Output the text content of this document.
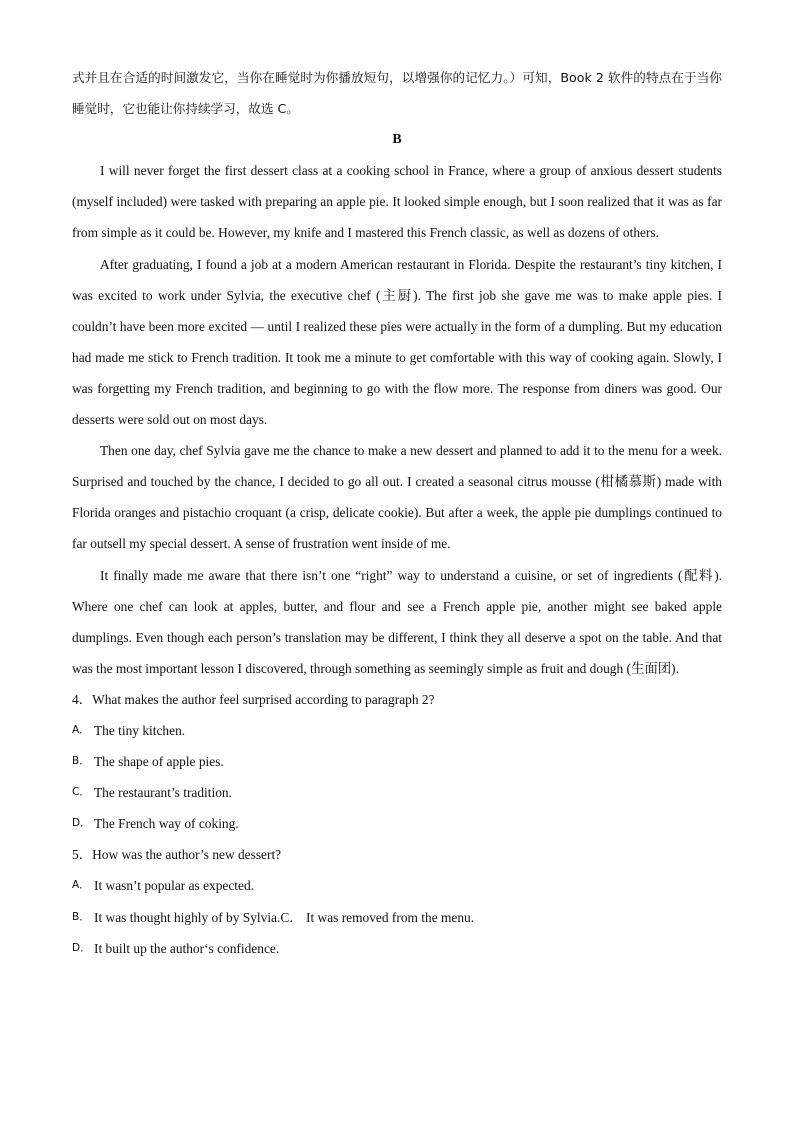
式并且在合适的时间激发它，当你在睡觉时为你播放短句，以增强你的记忆力。）可知，Book 2 软件的特点在于当你睡觉时，它也能让你持续学习，故选 C。

B

I will never forget the first dessert class at a cooking school in France, where a group of anxious dessert students (myself included) were tasked with preparing an apple pie. It looked simple enough, but I soon realized that it was as far from simple as it could be. However, my knife and I mastered this French classic, as well as dozens of others.

After graduating, I found a job at a modern American restaurant in Florida. Despite the restaurant’s tiny kitchen, I was excited to work under Sylvia, the executive chef (主厨). The first job she gave me was to make apple pies. I couldn’t have been more excited — until I realized these pies were actually in the form of a dumpling. But my education had made me stick to French tradition. It took me a minute to get comfortable with this way of cooking again. Slowly, I was forgetting my French tradition, and beginning to go with the flow more. The response from diners was good. Our desserts were sold out on most days.

Then one day, chef Sylvia gave me the chance to make a new dessert and planned to add it to the menu for a week. Surprised and touched by the chance, I decided to go all out. I created a seasonal citrus mousse (柑橘慕斯) made with Florida oranges and pistachio croquant (a crisp, delicate cookie). But after a week, the apple pie dumplings continued to far outsell my special dessert. A sense of frustration went inside of me.

It finally made me aware that there isn’t one “right” way to understand a cuisine, or set of ingredients (配料). Where one chef can look at apples, butter, and flour and see a French apple pie, another might see baked apple dumplings. Even though each person’s translation may be different, I think they all deserve a spot on the table. And that was the most important lesson I discovered, through something as seemingly simple as fruit and dough (生面团).

4．What makes the author feel surprised according to paragraph 2?

A． The tiny kitchen.
B． The shape of apple pies.
C． The restaurant’s tradition.
D． The French way of coking.

5．How was the author’s new dessert?

A． It wasn’t popular as expected.
B． It was thought highly of by Sylvia.C． It was removed from the menu.
D． It built up the author‘s confidence.
